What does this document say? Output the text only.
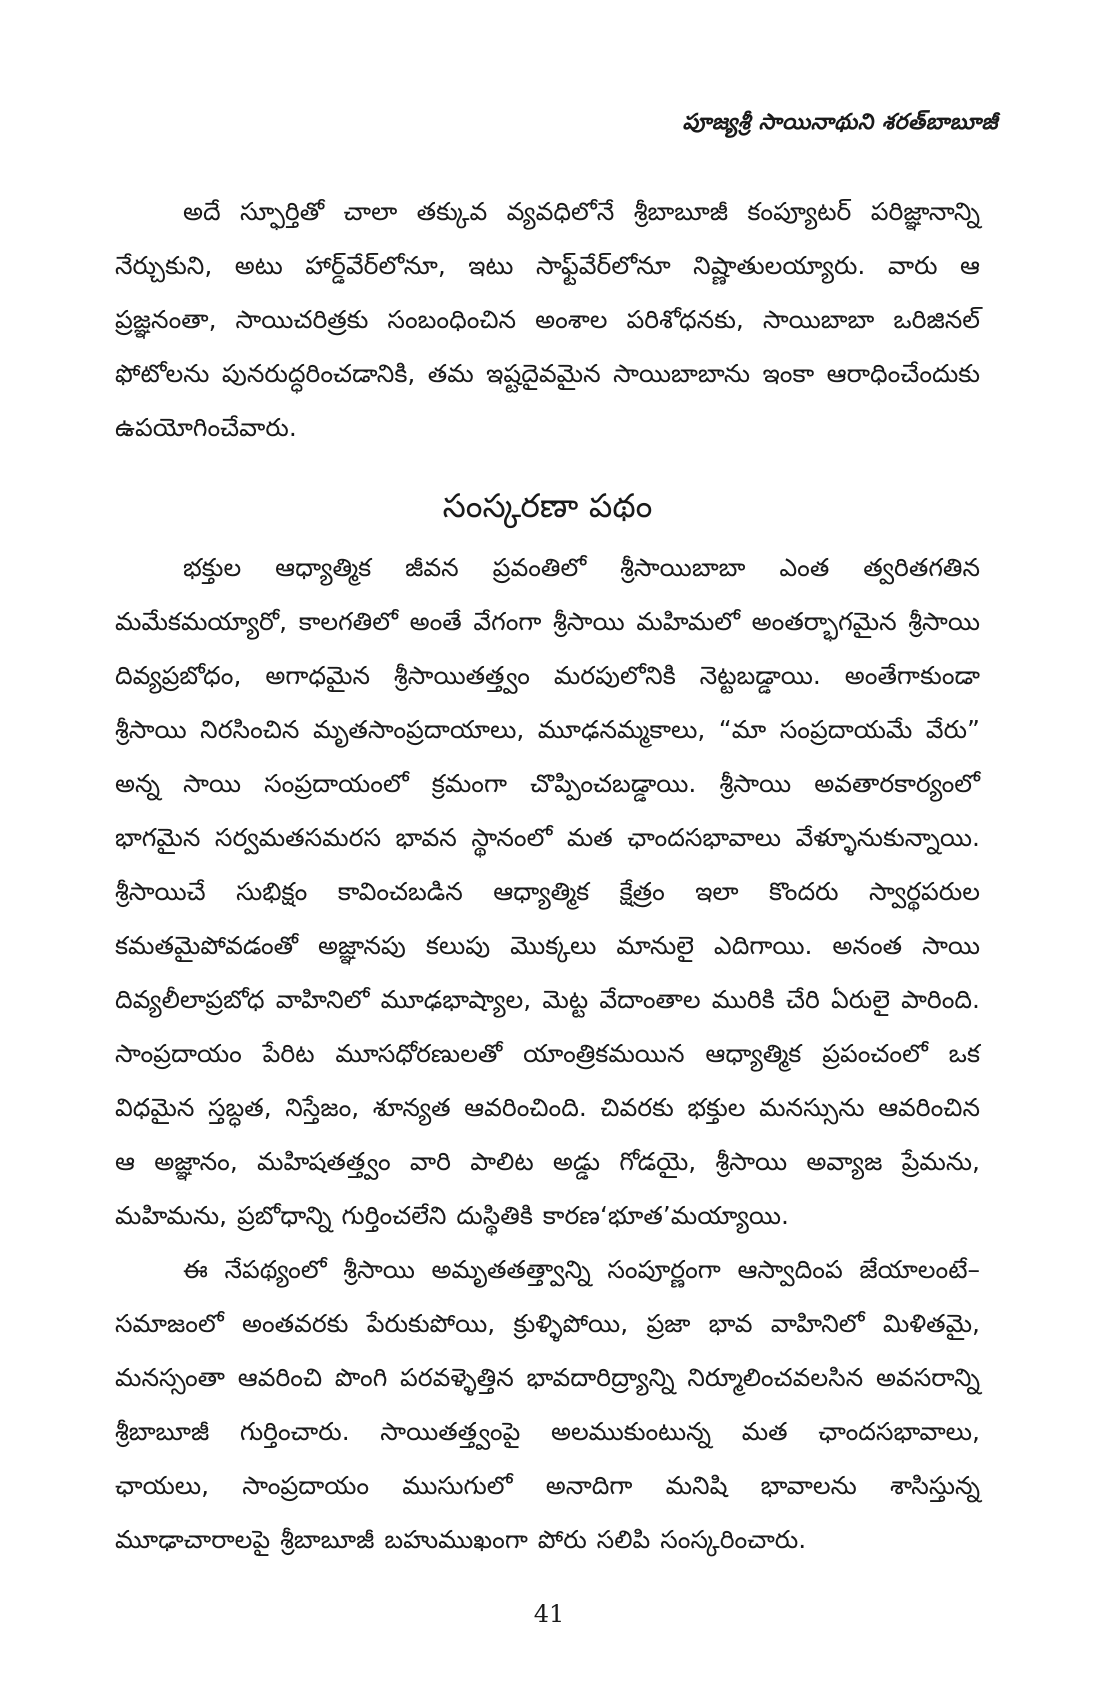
పూజ్యశ్రీ సాయినాథుని శరత్‌బాబూజీ

అదే స్ఫూర్తితో చాలా తక్కువ వ్యవధిలోనే శ్రీబాబూజీ కంప్యూటర్ పరిజ్ఞానాన్ని నేర్చుకుని, అటు హార్డ్‌వేర్‌లోనూ, ఇటు సాఫ్ట్‌వేర్‌లోనూ నిష్ణాతులయ్యారు. వారు ఆ ప్రజ్ఞనంతా, సాయిచరిత్రకు సంబంధించిన అంశాల పరిశోధనకు, సాయిబాబా ఒరిజినల్ ఫోటోలను పునరుద్ధరించడానికి, తమ ఇష్టదైవమైన సాయిబాబాను ఇంకా ఆరాధించేందుకు ఉపయోగించేవారు.

సంస్కరణా పథం

భక్తుల ఆధ్యాత్మిక జీవన ప్రవంతిలో శ్రీసాయిబాబా ఎంత త్వరితగతిన మమేకమయ్యారో, కాలగతిలో అంతే వేగంగా శ్రీసాయి మహిమలో అంతర్భాగమైన శ్రీసాయి దివ్యప్రబోధం, అగాధమైన శ్రీసాయితత్త్వం మరపులోనికి నెట్టబడ్డాయి. అంతేగాకుండా శ్రీసాయి నిరసించిన మృతసాంప్రదాయాలు, మూఢనమ్మకాలు, “మా సంప్రదాయమే వేరు” అన్న సాయి సంప్రదాయంలో క్రమంగా చొప్పించబడ్డాయి. శ్రీసాయి అవతారకార్యంలో భాగమైన సర్వమతసమరస భావన స్థానంలో మత ఛాందసభావాలు వేళ్ళూనుకున్నాయి. శ్రీసాయిచే సుభిక్షం కావించబడిన ఆధ్యాత్మిక క్షేత్రం ఇలా కొందరు స్వార్థపరుల కమతమైపోవడంతో అజ్ఞానపు కలుపు మొక్కలు మానులై ఎదిగాయి. అనంత సాయి దివ్యలీలాప్రబోధ వాహినిలో మూఢభాష్యాల, మెట్ట వేదాంతాల మురికి చేరి ఏరులై పారింది. సాంప్రదాయం పేరిట మూసధోరణులతో యాంత్రికమయిన ఆధ్యాత్మిక ప్రపంచంలో ఒక విధమైన స్తబ్ధత, నిస్తేజం, శూన్యత ఆవరించింది. చివరకు భక్తుల మనస్సును ఆవరించిన ఆ అజ్ఞానం, మహిషతత్త్వం వారి పాలిట అడ్డు గోడయై, శ్రీసాయి అవ్యాజ ప్రేమను, మహిమను, ప్రబోధాన్ని గుర్తించలేని దుస్థితికి కారణ‘భూత’మయ్యాయి.

ఈ నేపథ్యంలో శ్రీసాయి అమృతతత్త్వాన్ని సంపూర్ణంగా ఆస్వాదింప జేయాలంటే– సమాజంలో అంతవరకు పేరుకుపోయి, క్రుళ్ళిపోయి, ప్రజా భావ వాహినిలో మిళితమై, మనస్సంతా ఆవరించి పొంగి పరవళ్ళెత్తిన భావదారిద్ర్యాన్ని నిర్మూలించవలసిన అవసరాన్ని శ్రీబాబూజీ గుర్తించారు. సాయితత్త్వంపై అలముకుంటున్న మత ఛాందసభావాలు, ఛాయలు, సాంప్రదాయం ముసుగులో అనాదిగా మనిషి భావాలను శాసిస్తున్న మూఢాచారాలపై శ్రీబాబూజీ బహుముఖంగా పోరు సలిపి సంస్కరించారు.

41
